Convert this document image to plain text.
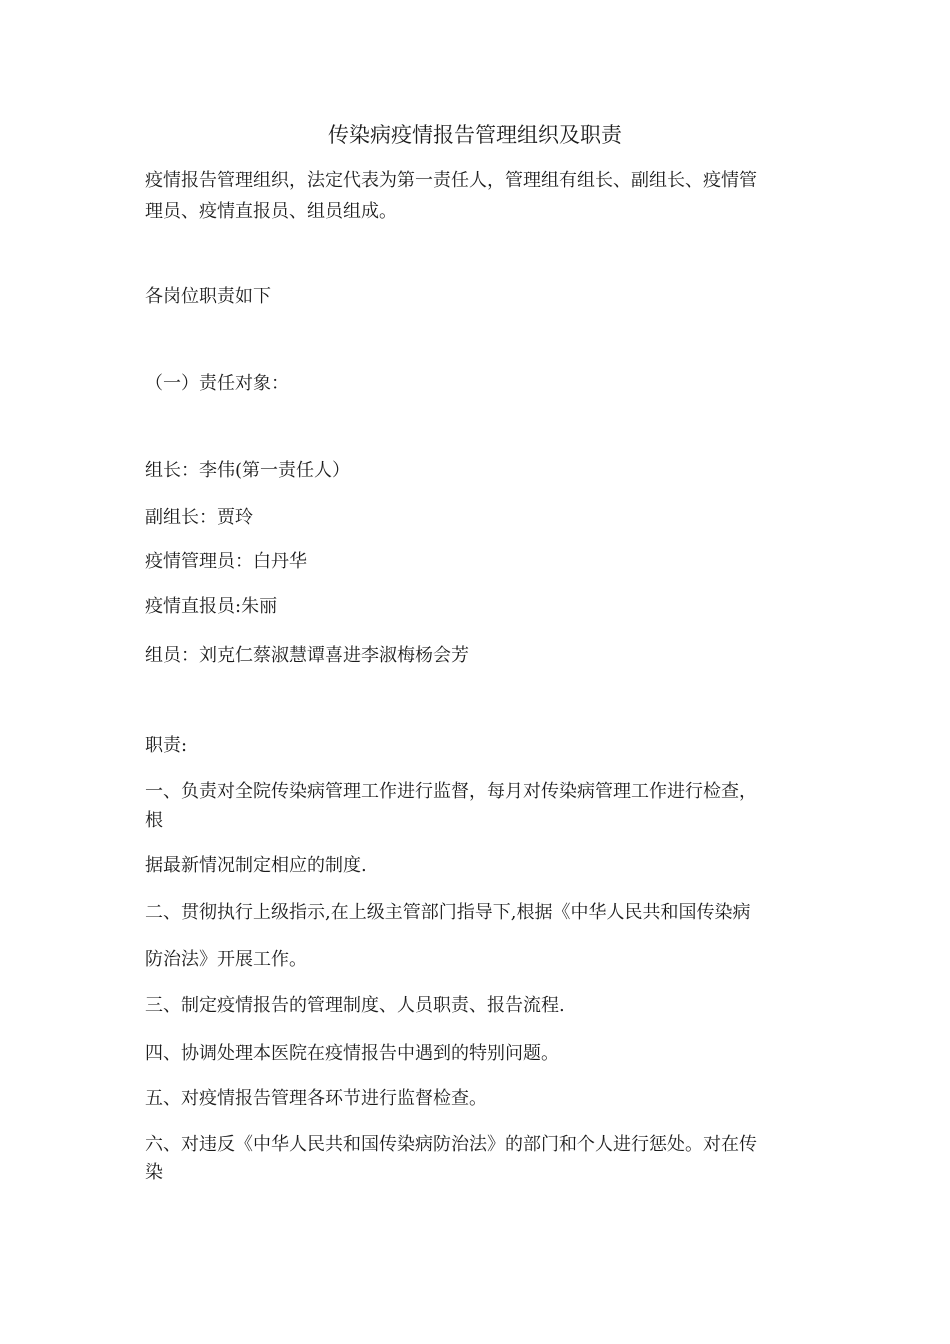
传染病疫情报告管理组织及职责
疫情报告管理组织，法定代表为第一责任人，管理组有组长、副组长、疫情管
理员、疫情直报员、组员组成。
各岗位职责如下
（一）责任对象：
组长：李伟(第一责任人）
副组长：贾玲
疫情管理员：白丹华
疫情直报员:朱丽
组员：刘克仁蔡淑慧谭喜进李淑梅杨会芳
职责:
一、负责对全院传染病管理工作进行监督，每月对传染病管理工作进行检查，
根
据最新情况制定相应的制度.
二、贯彻执行上级指示,在上级主管部门指导下,根据《中华人民共和国传染病
防治法》开展工作。
三、制定疫情报告的管理制度、人员职责、报告流程.
四、协调处理本医院在疫情报告中遇到的特别问题。
五、对疫情报告管理各环节进行监督检查。
六、对违反《中华人民共和国传染病防治法》的部门和个人进行惩处。对在传
染
